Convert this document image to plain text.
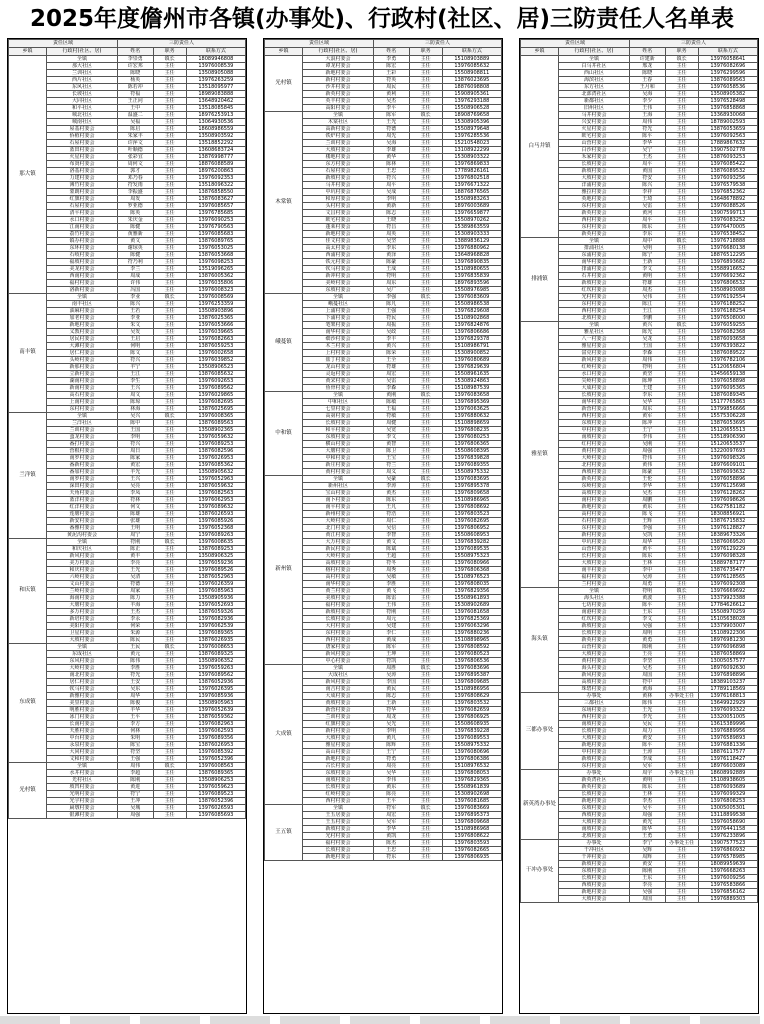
2025年度儋州市各镇(办事处)、行政村(社区、居)三防责任人名单表
责任区域		三防责任人		
乡镇	行政村(社区、居)	姓名	职务	联系方式
那大镇	全镇	李崇勇	镇长	18089946808
	那大社区	许宏邦	主任	13976008539
	兰训社区	陈晓	主任	13508905088
	西片社区	杨英	主任	13976263259
	东风社区	陈若冲	主任	13518095977
	长坡社区	符福	主任	18989083888
	大同社区	王正问	主任	13648920462
	和平社区	王中	主任	13518085845
	城北社区	温盛二	主任	18976253913
	城南社区	吴福	主任	13064930536
	屋基村委会	陈启	主任	18608986559
	侨植村委会	朱家丰	主任	13508903592
	石屋村委会	许萍文	主任	13518852292
	蓝田村委会	叶顺德	主任	13608683724
	火星村委会	张彩宜	主任	13876998777
	布贤村委会	周何文	主任	18876088589
	洛基村委会	郭才	主任	18976200863
	力建村委会	邓乃春	主任	13976092353
	簿竹村委会	符发雨	主任	13518096322
	蒙朗村委会	李振盛	主任	13876858550
	红旗村委会	周发	主任	13876083627
	石屋村委会	罗亚德	主任	13976085657
	清平村委会	陈英	主任	13976785685
	水口村委会	朱庆金	主任	13976090253
	江南村委会	陈健	主任	13976790563
	荔竹村委会	黄雅新	主任	13976085683
	镇办村委会	黄文	主任	13876089765
	东环村委会	谢琼英	主任	13976053025
	石岐村委会	陈健	主任	13876053668
	福坡村委会	符乃利	主任	13976098253
	美龙村委会	李兰	主任	13519096265
	西南村委会	周成	主任	13876005362
	福村村委会	许伟	主任	13976035806
	洛新村委会	冯国	主任	13976008323
南丰镇	全镇	李业	镇长	13976008569
	南丰社区	陈兴	主任	13976253359
	油麻村委会	王若	主任	13508903896
	加老村委会	李亚	主任	13876025365
	新地村委会	朱文	主任	13976053666
	义教村委会	吴发	主任	13976039665
	居民村委会	王启	主任	13976082663
	大滩村委会	何明	主任	13876059253
	居仁村委会	陈文	主任	13976002658
	头岭村委会	符兴	主任	13976039852
	新那村委会	羊宁	主任	13508906523
	立新村委会	王江	主任	13876085632
	湖南村委会	李生	主任	13976092653
	新南村委会	王兴	主任	13976089562
	高石村委会	周文	主任	13976029865
	上南村委会	陈琼	主任	13976082695
	东村村委会	林海	主任	13876025695
兰洋镇	全镇	吴兴	镇长	13976008365
	兰洋社区	陈中	主任	13876089563
	兰训村委会	王国	主任	13508902365
	蛮龙村委会	李明	主任	13976059632
	番打村委会	符兴	主任	13976089253
	营根村委会	周日	主任	13876082596
	南罗村委会	陈家	主任	13976026953
	番新村委会	黄宏	主任	13976085362
	番加村委会	羊光	主任	13508905632
	南罗村委会	王兴	主任	13976052963
	深田村委会	吴亮	主任	13876059632
	天角村委会	李凤	主任	13976082563
	蓝洋村委会	符林	主任	13976062953
	红洋村委会	何文	主任	13976089632
	莲塘村委会	陈雄	主任	13876026593
	新安村委会	张雄	主任	13976085926
	番雅村委会	王明	主任	13976052368
	黄泥沟村委会	周宁	主任	13976089263
和庆镇	全镇	符刚	镇长	13976008635
	和庆社区	陈正	主任	13876089253
	新风村委会	黄丰	主任	13508906325
	美万村委会	李亮	主任	13976059236
	和庆村委会	王光	主任	13976089526
	六岭村委会	吴清	主任	13876052963
	文山村委会	符德	主任	13976026359
	兰岭村委会	周家	主任	13976085963
	海南村委会	陈力	主任	13508905936
	大塘村委会	羊海	主任	13976052693
	多万村委会	王杰	主任	13876059326
	新培村委会	李永	主任	13976082936
	美阳村委会	何荣	主任	13976062539
	卫星村委会	朱源	主任	13976089365
	大坡村委会	陈民	主任	13876026935
东成镇	全镇	王民	镇长	13976008653
	东成社区	黄元	主任	13876089325
	东风村委会	陈伟	主任	13508906352
	大岭村委会	李胜	主任	13976059263
	南北村委会	符光	主任	13976089562
	居仁村委会	王安	主任	13876052936
	钦马村委会	吴东	主任	13976026395
	新雅村委会	周华	主任	13976085936
	美里村委会	陈俊	主任	13508905963
	明胜村委会	羊华	主任	13976052639
	冰门村委会	王平	主任	13876059362
	长南村委会	李方	主任	13976082963
	天胜村委会	何林	主任	13976062593
	中台村委会	朱明	主任	13976089356
	永泉村委会	陈宝	主任	13876026953
	大同村委会	符坚	主任	13976085392
	文和村委会	王强	主任	13976052396
光村镇	全镇	周伟	镇长	13976008563
	水井村委会	李超	主任	13876089365
	光村社区	陈刚	主任	13508906253
	坡凹村委会	黄进	主任	13976059623
	光明村委会	符宁	主任	13976089523
	光宇村委会	王冲	主任	13876052396
	扁墩村委会	吴城	主任	13976026593
	银滩村委会	周强	主任	13976085693
责任区域		三防责任人		
乡镇	行政村(社区、居)	姓名	职务	联系方式
光村镇	大浪村委会	李勇	主任	15108903889
	谭龙村委会	陈宏	主任	13976085632
	新地村委会	王彩	主任	15508908811
	新村村委会	符英	主任	13876023695
	沙井村委会	周民	主任	18876098808
	新英村委会	黄利	主任	15908905361
	英丰村委会	吴杰	主任	13976293188
	高阳村委会	李平	主任	15508906528
木棠镇	全镇	陈军	镇长	18908769658
	木棠社区	王光	主任	15308905396
	高新村委会	符德	主任	15508979648
	铁炉村委会	周先	主任	13976285536
	兰训村委会	吴海	主任	15210548023
	大坡村委会	李雄	主任	13108922299
	楼地村委会	黄华	主任	15308903322
	东方村委会	陈林	主任	13976869833
	石屋村委会	王忠	主任	17789826161
	新坡村委会	符兴	主任	13976802518
	马井村委会	周平	主任	13976671322
	中坑村委会	吴成	主任	18876876565
	和厚村委会	李明	主任	15508983263
	头村村委会	黄新	主任	18976003689
	文昌村委会	陈志	主任	13976659877
	欧宅村委会	王晓	主任	15508970262
	蓬莱村委会	符昌	主任	15389863559
	新地村委会	周英	主任	15308903333
	佳文村委会	吴坚	主任	13889836129
	高太村委会	李东	主任	13976880962
	西浦村委会	黄泽	主任	13648968828
	铁元村委会	陈豪	主任	13976890835
	钦马村委会	王成	主任	15108980655
	新冲村委会	符明	主任	13976835839
	美岭村委会	周东	主任	18976893596
	东坡村委会	吴广	主任	15508976985
峨蔓镇	全镇	李强	镇长	13976083609
	峨蔓社区	陈凡	主任	15508986538
	上浦村委会	王强	主任	13976829608
	下浦村委会	符民	主任	15108902868
	笔架村委会	周振	主任	13976824876
	南华村委会	吴政	主任	13976806686
	细沙村委会	李丰	主任	13976829378
	木兰村委会	黄兴	主任	15108986791
	上村村委会	陈荣	主任	15308900852
	盐丁村委会	王全	主任	13976080689
	龙山村委会	符雄	主任	13976829639
	灵返村委会	周宏	主任	15508961635
	黄宋村委会	吴雷	主任	15308924863
	鱼骨村委会	李森	主任	15108987539
中和镇	全镇	黄刚	镇长	13976083658
	中和社区	陈敏	主任	13976895369
	七里村委会	王福	主任	13976063625
	高第村委会	符敏	主任	13976880632
	长坡村委会	周健	主任	15108898659
	和平村委会	吴宽	主任	13976808235
	东坡村委会	李文	主任	13976080253
	横山村委会	黄智	主任	13976806365
	大塘村委会	陈卫	主任	15508608395
	中和村委会	王宝	主任	13976839828
	新庄村委会	符兰	主任	13976089355
	黄村村委会	周义	主任	15508975332
新州镇	全镇	吴豪	镇长	13976083695
	新州社区	李涛	主任	13976895378
	宝山村委会	黄杰	主任	13976809658
	南卜村委会	陈东	主任	15108986965
	南平村委会	王凡	主任	13976808692
	新州村委会	符浩	主任	13976803523
	大岭村委会	周仁	主任	13976082695
	北门村委会	吴信	主任	13976806952
	黄江村委会	李智	主任	15508608953
	大万村委会	黄文	主任	13976839282
	新民村委会	陈斌	主任	13976089535
	大岭村委会	王超	主任	15508975323
	高坡村委会	符冬	主任	13976080966
	榕村村委会	周秀	主任	13976806368
	高村村委会	吴敏	主任	15108976523
	南华村委会	李胜	主任	13976808035
	黄兰村委会	黄飞	主任	13976829356
	美坡村委会	陈雷	主任	15508961893
	福村村委会	王伟	主任	15308902689
	新坡村委会	符刚	主任	13976081658
	长坡村委会	周元	主任	13976825369
	大村村委会	吴建	主任	13976063296
	东村村委会	李仁	主任	13976880236
	西村村委会	黄成	主任	15108898965
	唐家村委会	陈军	主任	13976808592
	新风村委会	王坤	主任	13976080523
	中心村委会	符凯	主任	13976806536
大成镇	全镇	周胜	镇长	13976083696
	大成社区	吴涛	主任	13976895387
	新风村委会	李国	主任	13976809685
	南吉村委会	黄民	主任	15108986956
	大成村委会	陈志	主任	13976808629
	黄坡村委会	王新	主任	13976803532
	新营村委会	符华	主任	13976082659
	兰训村委会	周龙	主任	13976806925
	红旗村委会	吴光	主任	15508608935
	新村村委会	李明	主任	13976839228
	大坡村委会	黄凡	主任	13976089553
	雅星村委会	陈辉	主任	15508975332
	高山村委会	王宁	主任	13976080696
	新地村委会	符勇	主任	13976806386
	古长村委会	周亮	主任	15108976532
	东坡村委会	吴华	主任	13976808053
	南坡村委会	李伟	主任	13976829365
	长坡村委会	黄东	主任	15508961839
	红岭村委会	陈亮	主任	15308902698
	西村村委会	王平	主任	13976081685
王五镇	全镇	符军	镇长	13976083669
	王五居委会	周宏	主任	13976895373
	王五村委会	吴军	主任	13976809668
	新坡村委会	李华	主任	15108986968
	光村村委会	黄凯	主任	13976808622
	福村村委会	陈杰	主任	13976803593
	长坡村委会	王忠	主任	13976082665
	新地村委会	符东	主任	13976806935
责任区域		三防责任人		
乡镇	行政村(社区、居)	姓名	职务	联系方式
白马井镇	全镇	许建新	镇长	13976058641
	白马井社区	邢龙	主任	13976082696
	西山社区	陈晓	主任	13976299596
	海滨社区	王春	主任	13876089563
	东方社区	王月和	主任	13976058536
	北部湾社区	吴海	主任	13508905382
	新都社区	李少	主任	13976528498
	旧州社区	王伟	主任	13976858868
	马井村委会	王海	主任	13368930068
	兴安村委会	周伟	主任	18789002593
	火星村委会	符光	主任	13876053659
	欧宅村委会	陈平	主任	13976092563
	山营村委会	李华	主任	17889867632
	白沙村委会	吴宁	主任	13907502778
	禾家村委会	王杰	主任	13876093253
	长坡村委会	周平	主任	13976085422
	新坡村委会	黄国	主任	13876089532
	大坡村委会	符安	主任	13976093256
	洋浦村委会	陈兴	主任	13976579538
	雅拉村委会	李祥	主任	13976852362
	英地村委会	王琦	主任	13648678892
	东村村委会	吴雷	主任	13976088526
	新英村委会	黄河	主任	13907599713
	西村村委会	周平	主任	13976083252
	东村村委会	陈东	主任	13976470005
	新英村委会	李东	主任	13976538452
排浦镇	全镇	周中	镇长	13976718888
	排浦社区	吴明	主任	13976680138
	东浦村委会	陈宁	主任	18876512295
	南华村委会	王新	主任	13976893682
	排浦村委会	李文	主任	13588916652
	石井村委会	黄明	主任	13976692362
	新坡村委会	符雄	主任	13976806532
	红坎村委会	周杰	主任	13508903088
	光村村委会	吴伟	主任	13976192554
	东村村委会	陈江	主任	13976188252
	西村村委会	王江	主任	13976188254
	北坡村委会	李鹏	主任	13976508000
雅星镇	全镇	黄兴	镇长	13976059255
	雅星社区	陈光	主任	13976082368
	八一村委会	吴龙	主任	13876093658
	雅星村委会	王国	主任	13976393822
	富克村委会	李森	主任	13876089522
	新风村委会	周伟	主任	13976782106
	红岭村委会	符明	主任	15120656804
	水口村委会	黄坚	主任	13456659138
	尖岭村委会	陈坤	主任	13976058898
	大成村委会	王建	主任	13976095365
	长坡村委会	李东	主任	13876089345
	南华村委会	吴华	主任	15177765863
	新营村委会	周东	主任	13799856666
	西村村委会	黄军	主任	15575306228
	东坡村委会	陈冲	主任	13876053695
	中村村委会	王宁	主任	15120655513
	南坡村委会	李伟	主任	13518906390
	红村村委会	吴刚	主任	15120653537
	黄村村委会	周强	主任	13220097693
	大岭村委会	符伟	主任	13976098326
	北村村委会	黄伟	主任	18976609101
	西坡村委会	陈豪	主任	13876093632
	新英村委会	王伦	主任	13976058896
	东岭村委会	李华	主任	13976125698
	高坡村委会	吴杰	主任	13976128262
	南村村委会	周鹏	主任	13976098626
	新地村委会	黄东	主任	13627581182
	高村村委会	陈飞	主任	18308856921
	石村村委会	王辉	主任	13876715832
	东村村委会	李强	主任	13976128827
	新村村委会	吴凯	主任	18389673326
	中坑村委会	周华	主任	13876069520
	山营村委会	黄平	主任	13976129229
	长村村委会	陈东	主任	13976098328
	大坡村委会	王林	主任	15889787177
	南丰村委会	李中	主任	13876735477
	福村村委会	吴涛	主任	13976128565
	兰村村委会	周勇	主任	13976092308
海头镇	全镇	符明	镇长	13976669692
	海头社区	黄波	主任	13379923388
	七坊村委会	陈平	主任	17784626612
	南港村委会	王东	主任	15508970259
	红坎村委会	李文	主任	15105638028
	新坡村委会	吴强	主任	13379903007
	长坡村委会	周明	主任	15108922306
	新英村委会	黄勇	主任	18976981230
	山营村委会	陈刚	主任	13976096898
	大坡村委会	王亮	主任	13876058869
	黄村村委会	李坚	主任	13005057577
	海头村委会	吴杰	主任	18976092630
	新风村委会	周国	主任	13976898896
	高坡村委会	符中	主任	18389103237
	珠碧村委会	黄海	主任	17789118569
三都办事处	办事处	黄林	办事处主任	13976168813
	三都社区	陈伟	主任	13649922929
	东场村委会	王光	主任	13976093322
	西村村委会	李光	主任	13320051005
	南坡村委会	吴民	主任	13615389996
	长坡村委会	周力	主任	13976889956
	大坡村委会	黄安	主任	13976589893
	新地村委会	陈平	主任	13976881336
	中村村委会	王涛	主任	18876117577
	新坡村委会	李成	主任	13976118427
	东村村委会	吴军	主任	18976603089
新英湾办事处	办事处	周宇	办事处主任	18608992889
	新英湾社区	黄明	主任	15108938605
	新英村委会	陈东	主任	13876093689
	长坡村委会	王林	主任	13976099329
	新地村委会	李杰	主任	13976808253
	东坡村委会	吴平	主任	13005005301
	西坡村委会	周强	主任	13118899538
	大坡村委会	黄光	主任	13976058690
	南坡村委会	陈华	主任	13976441158
	北坡村委会	王勇	主任	13976233896
干冲办事处	办事处	李宁	办事处主任	13907577523
	干冲社区	吴辉	主任	13976860932
	干冲村委会	周辉	主任	13976578985
	新坡村委会	黄安	主任	18089959639
	东坡村委会	陈刚	主任	13976668263
	长坡村委会	王东	主任	13976009256
	西坡村委会	李亮	主任	13976583866
	新地村委会	吴强	主任	13976856162
	大坡村委会	周国	主任	13976889303
